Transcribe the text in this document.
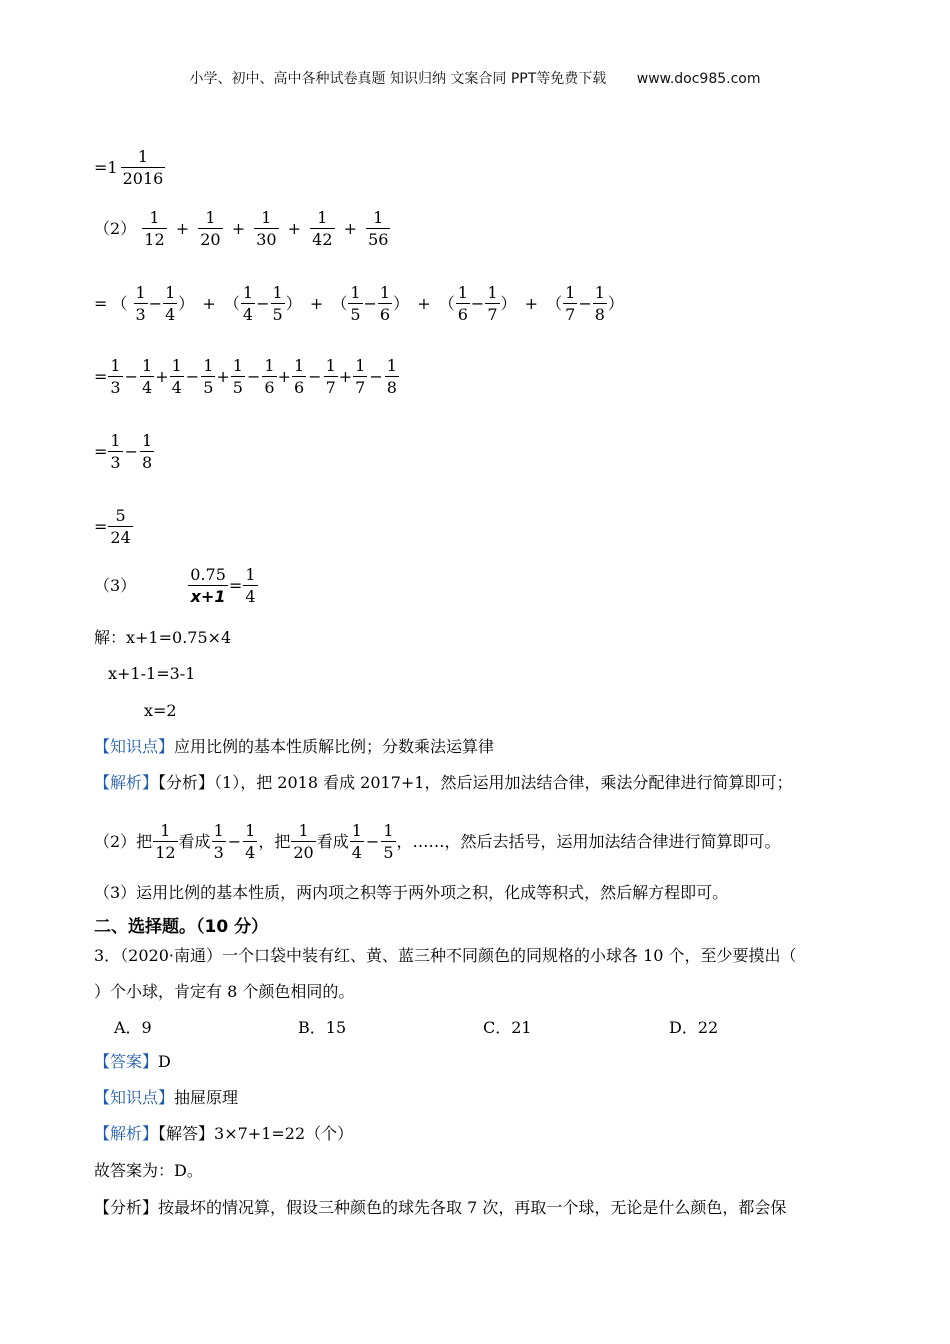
小学、初中、高中各种试卷真题 知识归纳 文案合同 PPT等免费下载 www.doc985.com
$=1 \frac{1}{2016}$
$(2) \frac{1}{12} + \frac{1}{20} + \frac{1}{30} + \frac{1}{42} + \frac{1}{56}$
= （ $\frac{1}{3} - \frac{1}{4}$ ） + （ $\frac{1}{4} - \frac{1}{5}$ ） + （ $\frac{1}{5} - \frac{1}{6}$ ） + （ $\frac{1}{6} - \frac{1}{7}$ ） + （ $\frac{1}{7} - \frac{1}{8}$ ）
= $\frac{1}{3} - \frac{1}{4} + \frac{1}{4} - \frac{1}{5} + \frac{1}{5} - \frac{1}{6} + \frac{1}{6} - \frac{1}{7} + \frac{1}{7} - \frac{1}{8}$
= $\frac{1}{3} - \frac{1}{8}$
= $\frac{5}{24}$
（3）	$\frac{0.75}{x+1} = \frac{1}{4}$
解：x+1=0.75×4
x+1-1=3-1
x=2
【知识点】应用比例的基本性质解比例；分数乘法运算律
【解析】【分析】（1），把 2018 看成 2017+1，然后运用加法结合律，乘法分配律进行简算即可；
（2）把 $\frac{1}{12}$ 看成 $\frac{1}{3} - \frac{1}{4}$ ，把 $\frac{1}{20}$ 看成 $\frac{1}{4} - \frac{1}{5}$ ，……，然后去括号，运用加法结合律进行简算即可。
（3）运用比例的基本性质，两内项之积等于两外项之积，化成等积式，然后解方程即可。
二、选择题。（10 分）
3．（2020·南通）一个口袋中装有红、黄、蓝三种不同颜色的同规格的小球各 10 个，至少要摸出（
）个小球，肯定有 8 个颜色相同的。
A．9	B．15	C．21	D．22
【答案】D
【知识点】抽屉原理
【解析】【解答】3×7+1=22（个）
故答案为：D。
【分析】按最坏的情况算，假设三种颜色的球先各取 7 次，再取一个球，无论是什么颜色，都会保
